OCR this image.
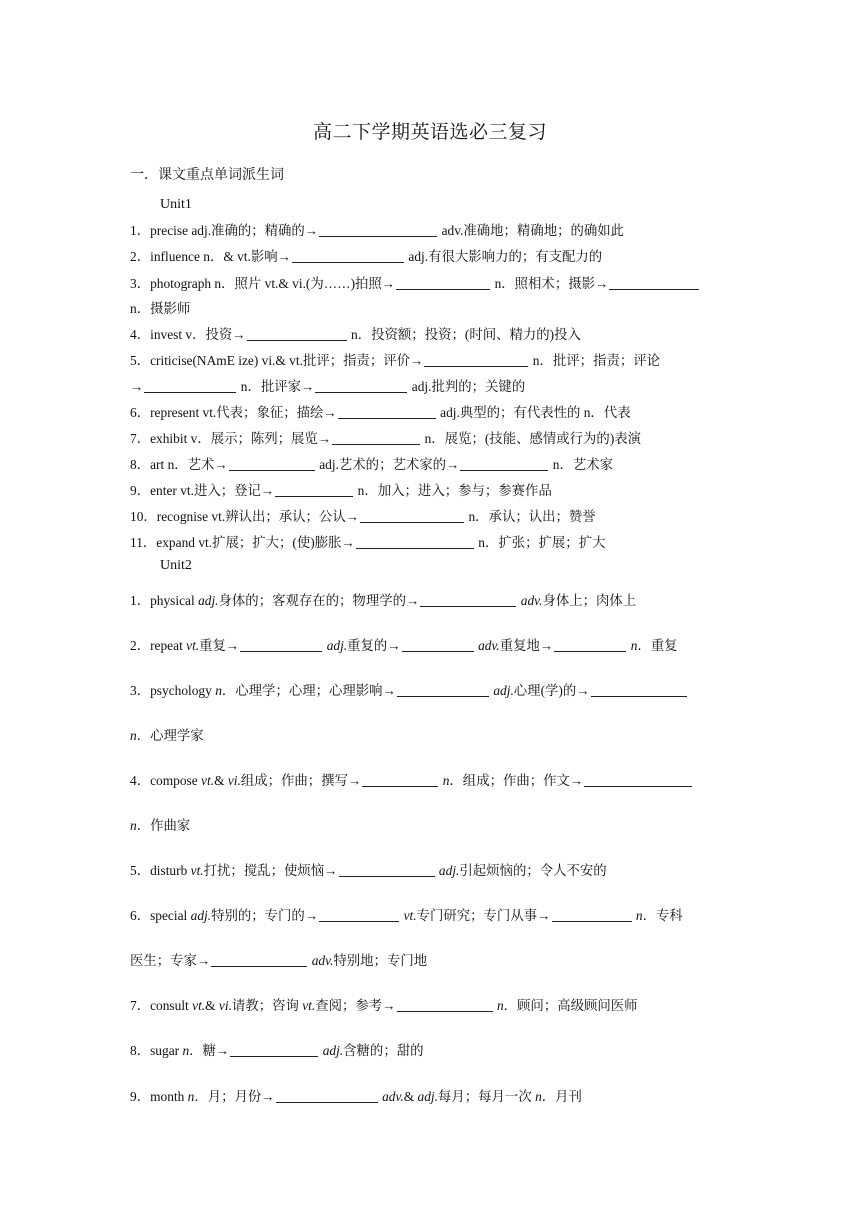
高二下学期英语选必三复习
一．课文重点单词派生词
Unit1
1．precise adj.准确的；精确的→	adv.准确地；精确地；的确如此
2．influence n．& vt.影响→	adj.有很大影响力的；有支配力的
3．photograph n．照片 vt.& vi.(为……)拍照→	n．照相术；摄影→
n．摄影师
4．invest v．投资→	n．投资额；投资；(时间、精力的)投入
5．criticise(NAmE ize) vi.& vt.批评；指责；评价→	n．批评；指责；评论
→	n．批评家→	adj.批判的；关键的
6．represent vt.代表；象征；描绘→	adj.典型的；有代表性的 n．代表
7．exhibit v．展示；陈列；展览→	n．展览；(技能、感情或行为的)表演
8．art n．艺术→	adj.艺术的；艺术家的→	n．艺术家
9．enter vt.进入；登记→	n．加入；进入；参与；参赛作品
10．recognise vt.辨认出；承认；公认→	n．承认；认出；赞誉
11．expand vt.扩展；扩大；(使)膨胀→	n．扩张；扩展；扩大
Unit2
1．physical adj.身体的；客观存在的；物理学的→	adv.身体上；肉体上
2．repeat vt.重复→	adj.重复的→	adv.重复地→	n．重复
3．psychology n．心理学；心理；心理影响→	adj.心理(学)的→
n．心理学家
4．compose vt.& vi.组成；作曲；撰写→	n．组成；作曲；作文→
n．作曲家
5．disturb vt.打扰；搅乱；使烦恼→	adj.引起烦恼的；令人不安的
6．special adj.特别的；专门的→	vt.专门研究；专门从事→	n．专科
医生；专家→	adv.特别地；专门地
7．consult vt.& vi.请教；咨询 vt.查阅；参考→	n．顾问；高级顾问医师
8．sugar n．糖→	adj.含糖的；甜的
9．month n．月；月份→	adv.& adj.每月；每月一次 n．月刊
